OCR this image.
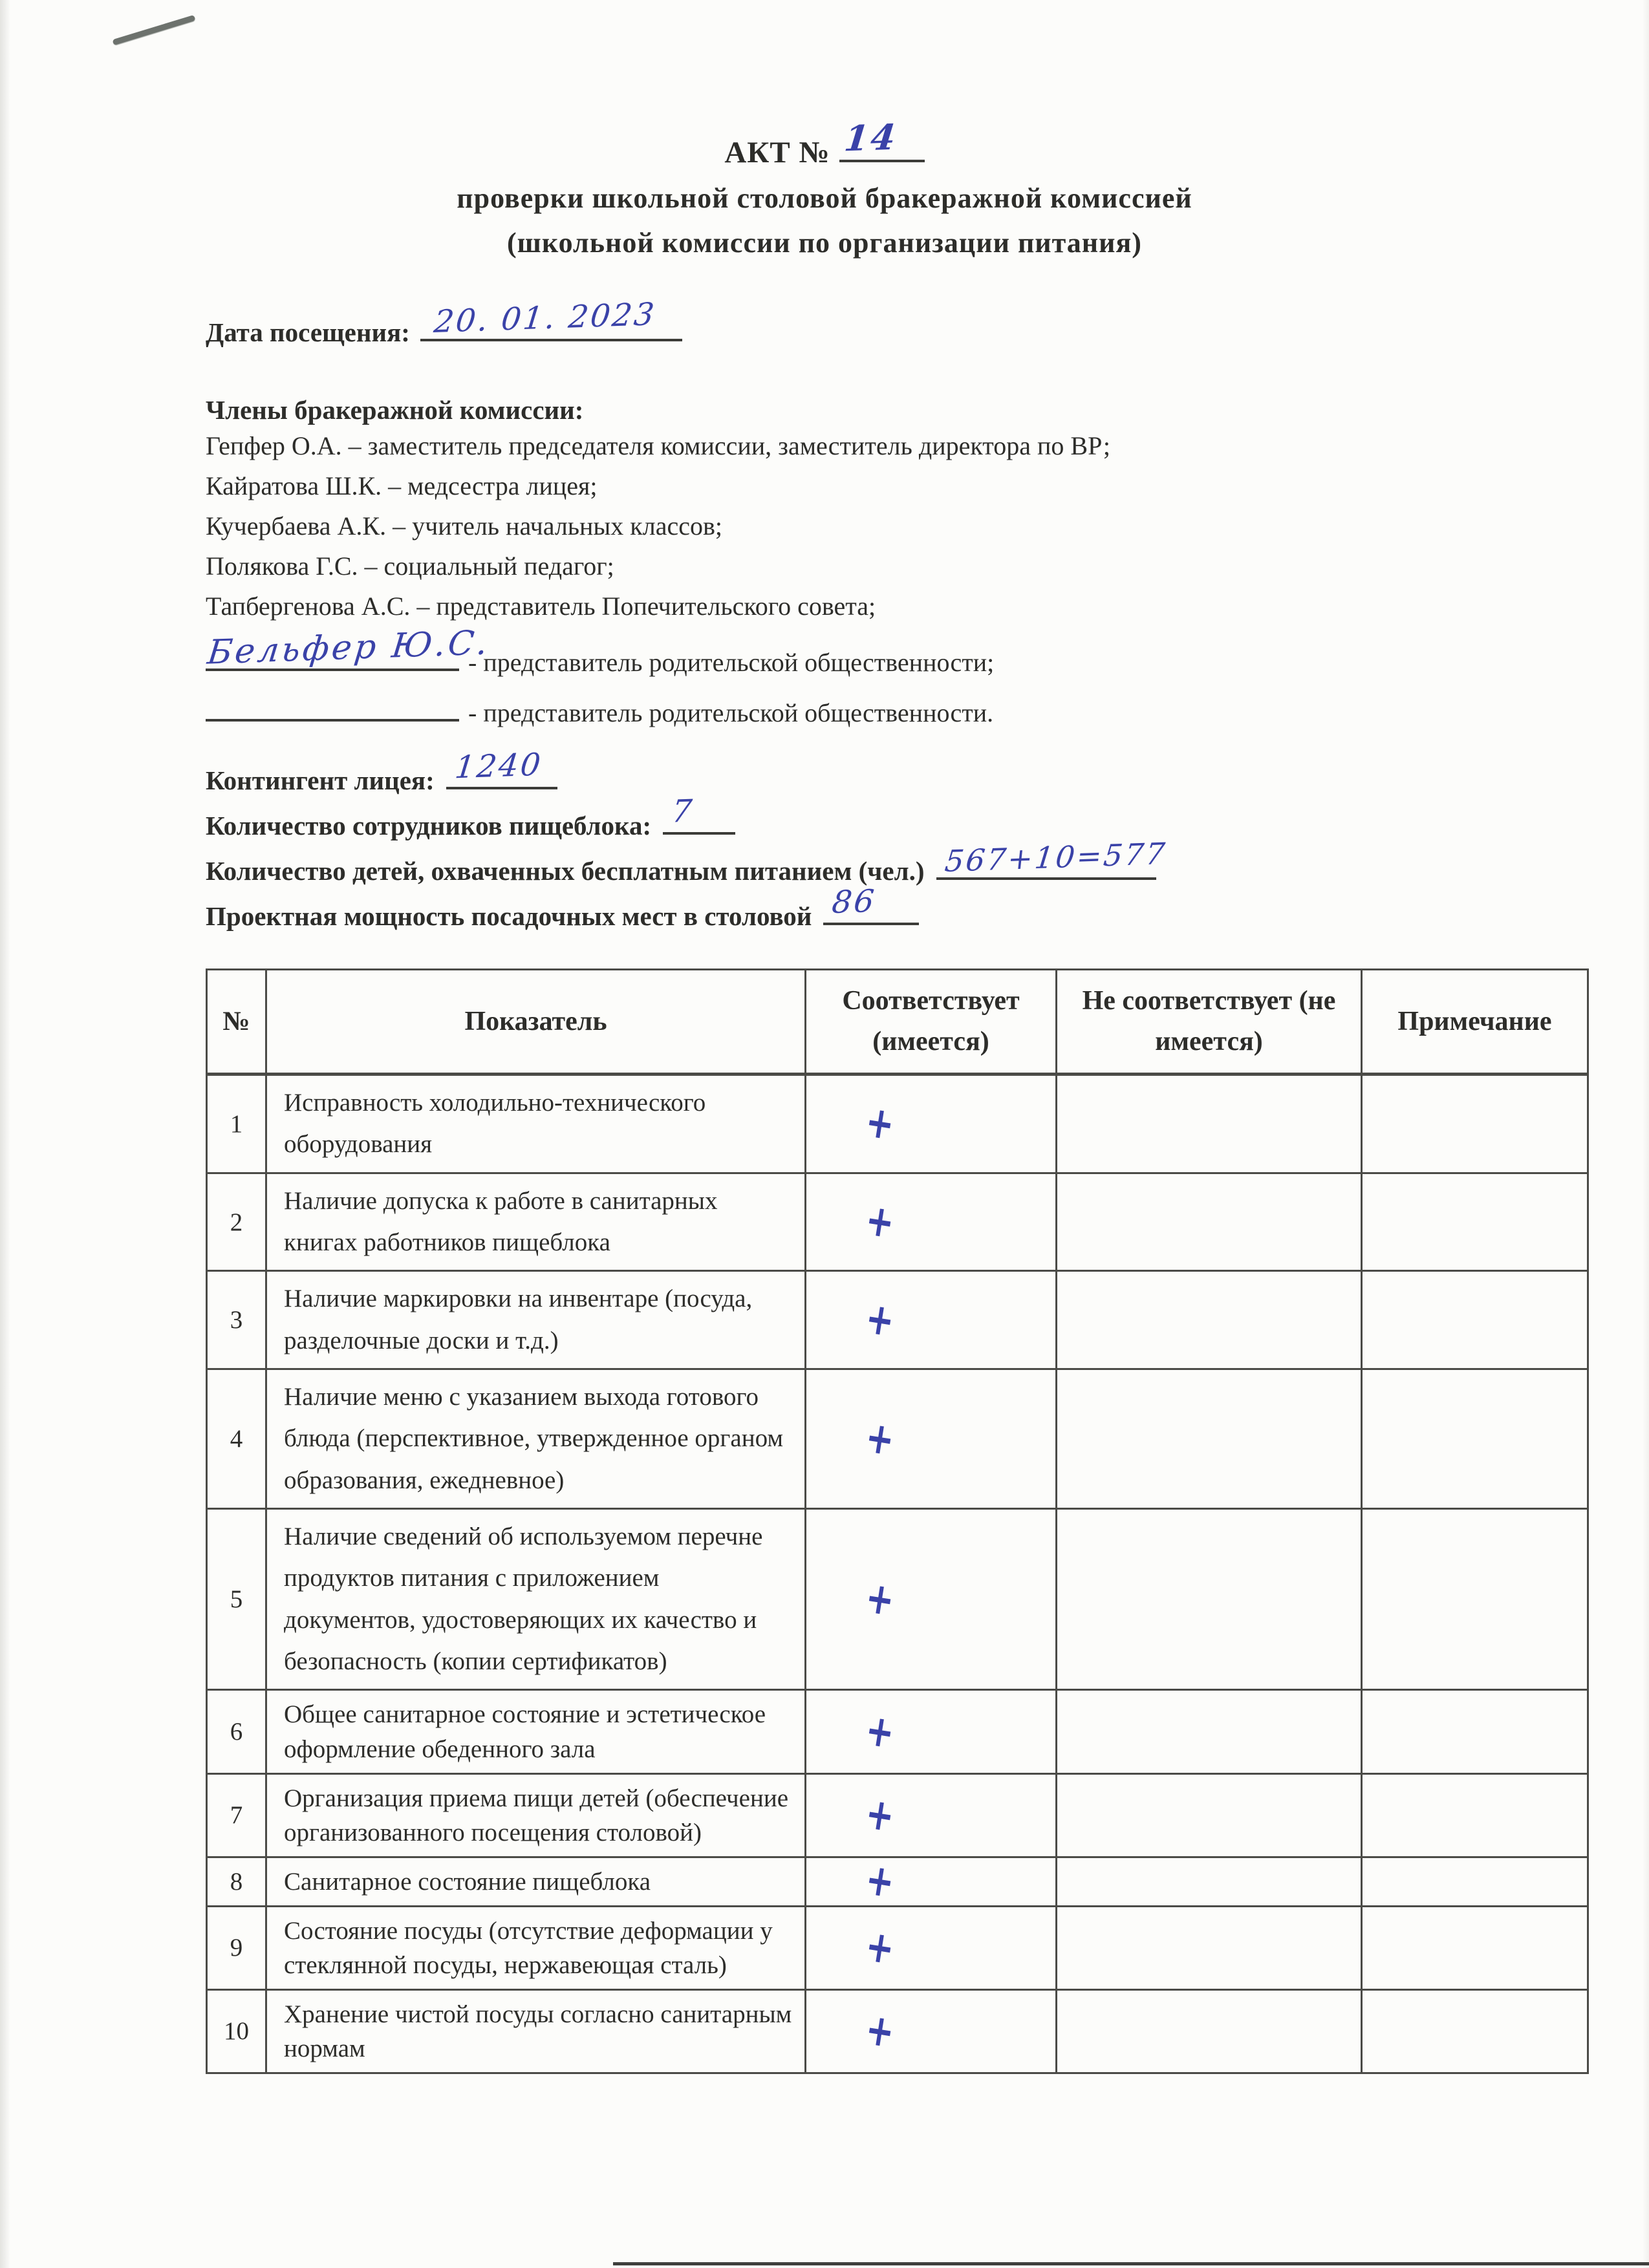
АКТ № 14
проверки школьной столовой бракеражной комиссией
(школьной комиссии по организации питания)
Дата посещения: 20. 01. 2023
Члены бракеражной комиссии:
Гепфер О.А. – заместитель председателя комиссии, заместитель директора по ВР;
Кайратова Ш.К. – медсестра лицея;
Кучербаева А.К. – учитель начальных классов;
Полякова Г.С. – социальный педагог;
Тапбергенова А.С. – представитель Попечительского совета;
Бельфер Ю.С.
- представитель родительской общественности;
- представитель родительской общественности.
Контингент лицея: 1240
Количество сотрудников пищеблока: 7
Количество детей, охваченных бесплатным питанием (чел.) 567+10=577
Проектная мощность посадочных мест в столовой 86
№	Показатель	Соответствует (имеется)	Не соответствует (не имеется)	Примечание
1	Исправность холодильно-технического оборудования	+		
2	Наличие допуска к работе в санитарных книгах работников пищеблока	+		
3	Наличие маркировки на инвентаре (посуда, разделочные доски и т.д.)	+		
4	Наличие меню с указанием выхода готового блюда (перспективное, утвержденное органом образования, ежедневное)	+		
5	Наличие сведений об используемом перечне продуктов питания с приложением документов, удостоверяющих их качество и безопасность (копии сертификатов)	+		
6	Общее санитарное состояние и эстетическое оформление обеденного зала	+		
7	Организация приема пищи детей (обеспечение организованного посещения столовой)	+		
8	Санитарное состояние пищеблока	+		
9	Состояние посуды (отсутствие деформации у стеклянной посуды, нержавеющая сталь)	+		
10	Хранение чистой посуды согласно санитарным нормам	+		
